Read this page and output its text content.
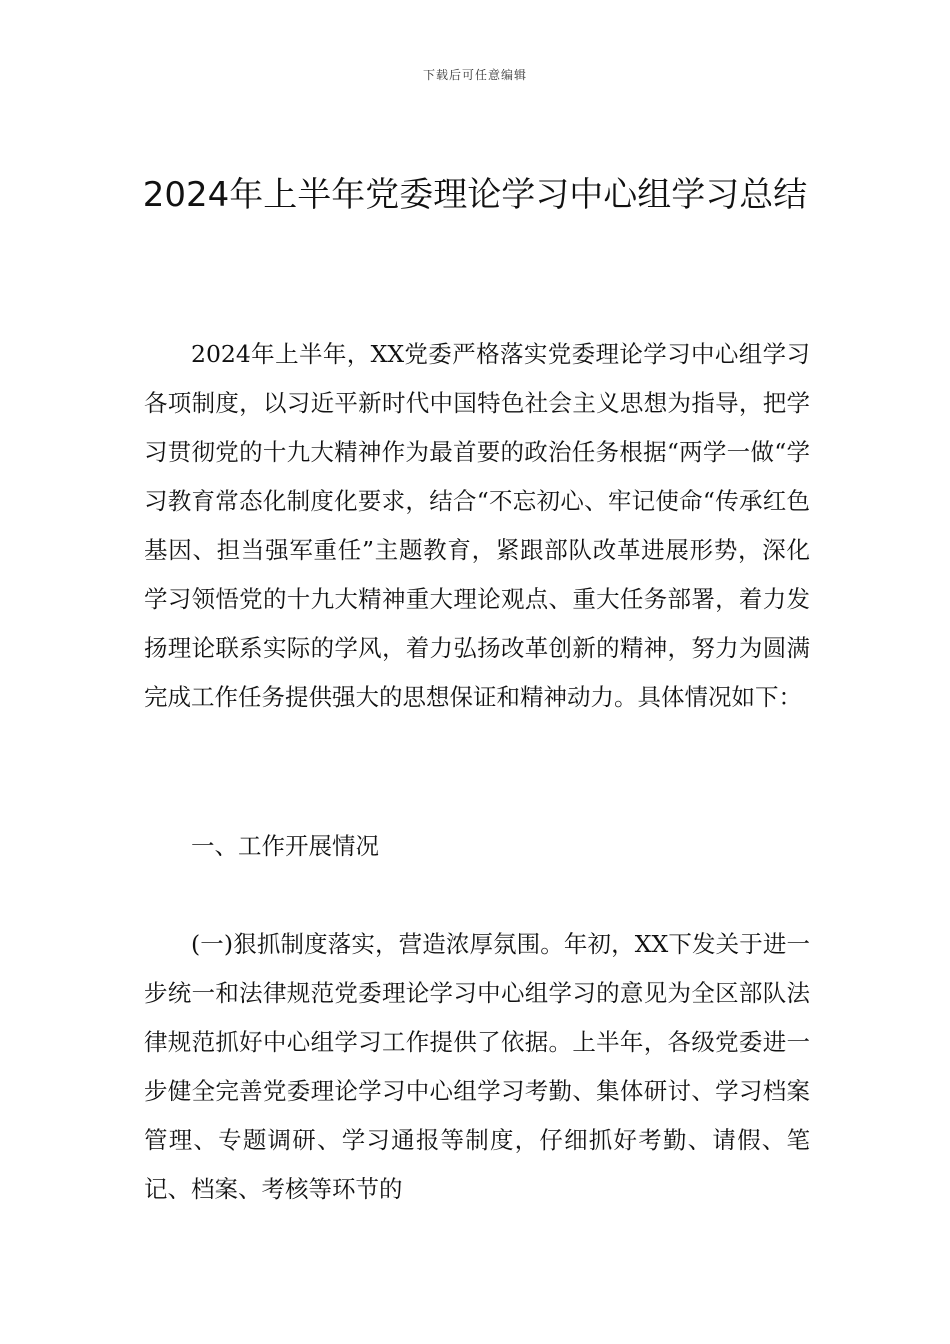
下载后可任意编辑
2024年上半年党委理论学习中心组学习总结

2024年上半年，XX党委严格落实党委理论学习中心组学习各项制度，以习近平新时代中国特色社会主义思想为指导，把学习贯彻党的十九大精神作为最首要的政治任务根据“两学一做“学习教育常态化制度化要求，结合“不忘初心、牢记使命“传承红色基因、担当强军重任”主题教育，紧跟部队改革进展形势，深化学习领悟党的十九大精神重大理论观点、重大任务部署，着力发扬理论联系实际的学风，着力弘扬改革创新的精神，努力为圆满完成工作任务提供强大的思想保证和精神动力。具体情况如下：

一、工作开展情况

(一)狠抓制度落实，营造浓厚氛围。年初，XX下发关于进一步统一和法律规范党委理论学习中心组学习的意见为全区部队法律规范抓好中心组学习工作提供了依据。上半年，各级党委进一步健全完善党委理论学习中心组学习考勤、集体研讨、学习档案管理、专题调研、学习通报等制度，仔细抓好考勤、请假、笔记、档案、考核等环节的
